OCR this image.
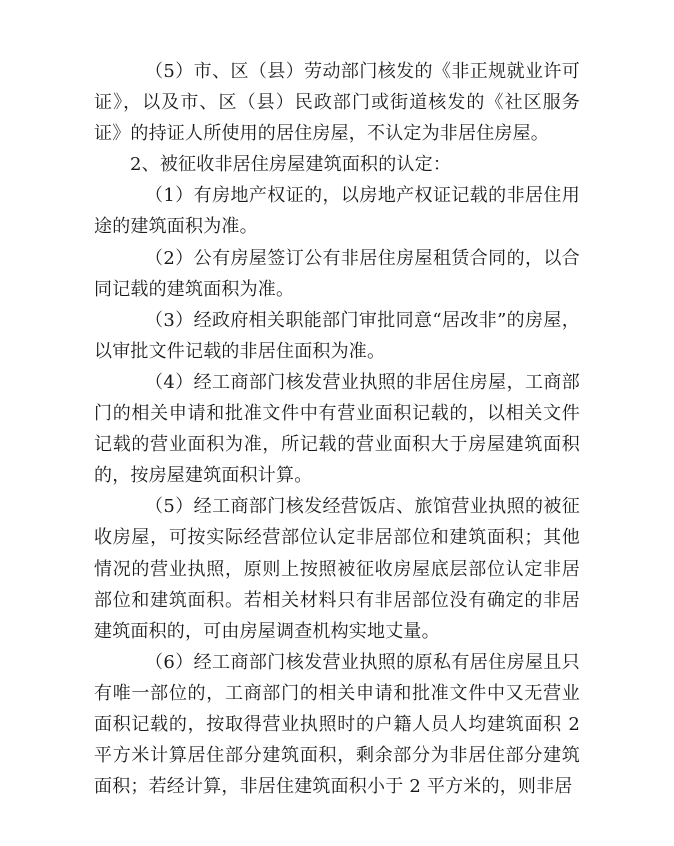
（5）市、区（县）劳动部门核发的《非正规就业许可证》，以及市、区（县）民政部门或街道核发的《社区服务证》的持证人所使用的居住房屋，不认定为非居住房屋。

2、被征收非居住房屋建筑面积的认定：

（1）有房地产权证的，以房地产权证记载的非居住用途的建筑面积为准。

（2）公有房屋签订公有非居住房屋租赁合同的，以合同记载的建筑面积为准。

（3）经政府相关职能部门审批同意“居改非”的房屋，以审批文件记载的非居住面积为准。

（4）经工商部门核发营业执照的非居住房屋，工商部门的相关申请和批准文件中有营业面积记载的，以相关文件记载的营业面积为准，所记载的营业面积大于房屋建筑面积的，按房屋建筑面积计算。

（5）经工商部门核发经营饭店、旅馆营业执照的被征收房屋，可按实际经营部位认定非居部位和建筑面积；其他情况的营业执照，原则上按照被征收房屋底层部位认定非居部位和建筑面积。若相关材料只有非居部位没有确定的非居建筑面积的，可由房屋调查机构实地丈量。

（6）经工商部门核发营业执照的原私有居住房屋且只有唯一部位的，工商部门的相关申请和批准文件中又无营业面积记载的，按取得营业执照时的户籍人员人均建筑面积 2 平方米计算居住部分建筑面积，剩余部分为非居住部分建筑面积；若经计算，非居住建筑面积小于 2 平方米的，则非居
